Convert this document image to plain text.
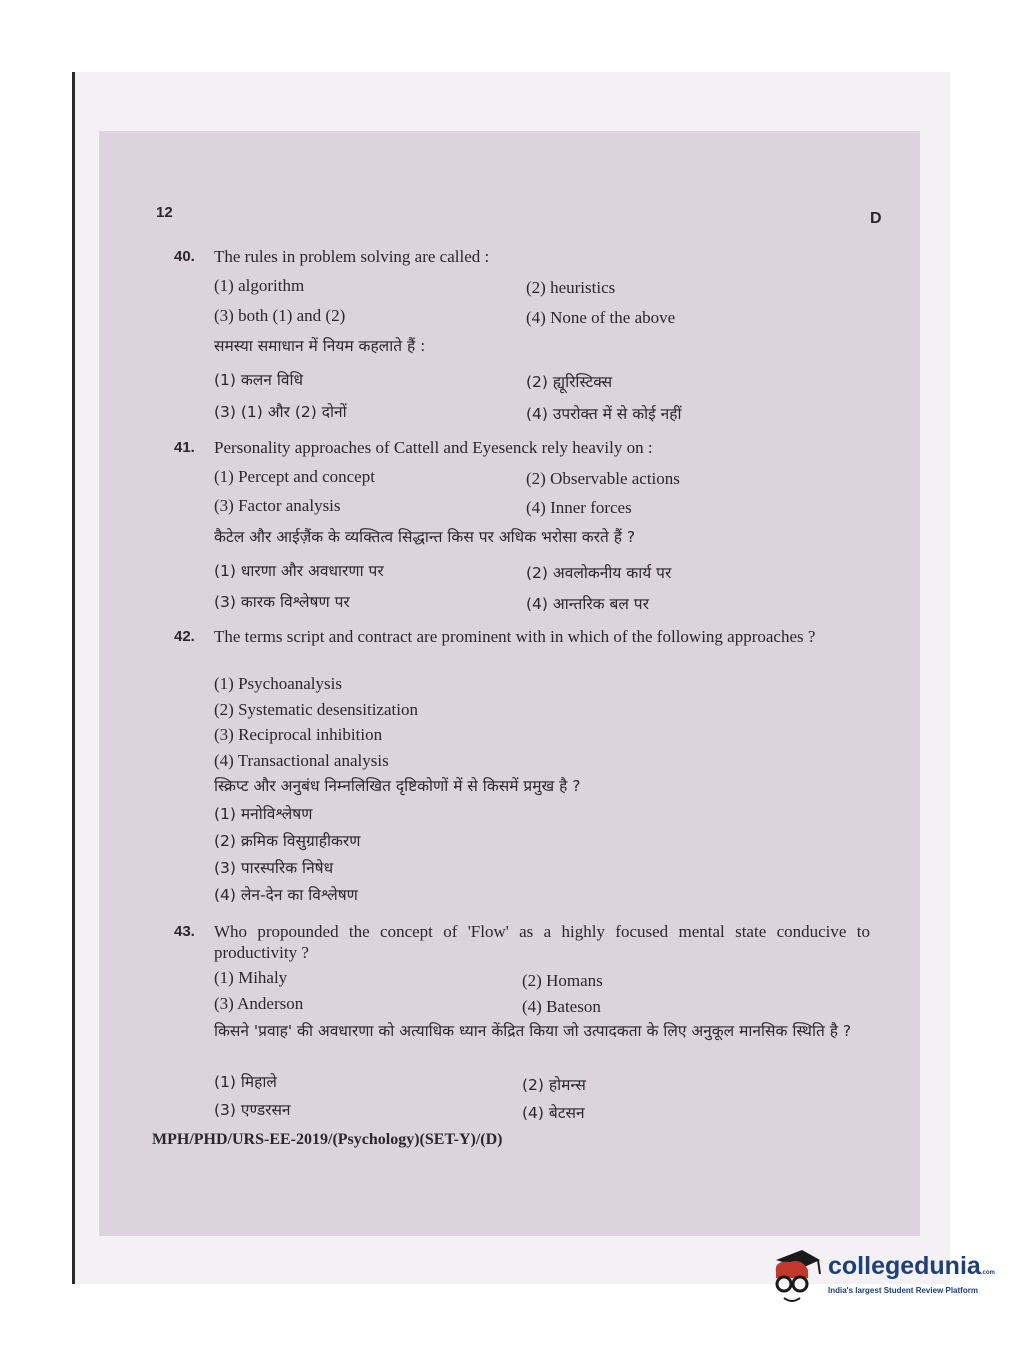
12	D
40. The rules in problem solving are called :
(1) algorithm	(2) heuristics
(3) both (1) and (2)	(4) None of the above
समस्या समाधान में नियम कहलाते हैं :
(1) कलन विधि	(2) ह्यूरिस्टिक्स
(3) (1) और (2) दोनों	(4) उपरोक्त में से कोई नहीं
41. Personality approaches of Cattell and Eyesenck rely heavily on :
(1) Percept and concept	(2) Observable actions
(3) Factor analysis	(4) Inner forces
कैटेल और आईज़ैंक के व्यक्तित्व सिद्धान्त किस पर अधिक भरोसा करते हैं ?
(1) धारणा और अवधारणा पर	(2) अवलोकनीय कार्य पर
(3) कारक विश्लेषण पर	(4) आन्तरिक बल पर
42. The terms script and contract are prominent with in which of the following approaches ?
(1) Psychoanalysis
(2) Systematic desensitization
(3) Reciprocal inhibition
(4) Transactional analysis
स्क्रिप्ट और अनुबंध निम्नलिखित दृष्टिकोणों में से किसमें प्रमुख है ?
(1) मनोविश्लेषण
(2) क्रमिक विसुग्राहीकरण
(3) पारस्परिक निषेध
(4) लेन-देन का विश्लेषण
43. Who propounded the concept of 'Flow' as a highly focused mental state conducive to productivity ?
(1) Mihaly	(2) Homans
(3) Anderson	(4) Bateson
किसने 'प्रवाह' की अवधारणा को अत्याधिक ध्यान केंद्रित किया जो उत्पादकता के लिए अनुकूल मानसिक स्थिति है ?
(1) मिहाले	(2) होमन्स
(3) एण्डरसन	(4) बेटसन
MPH/PHD/URS-EE-2019/(Psychology)(SET-Y)/(D)
collegedunia.com
India's largest Student Review Platform
